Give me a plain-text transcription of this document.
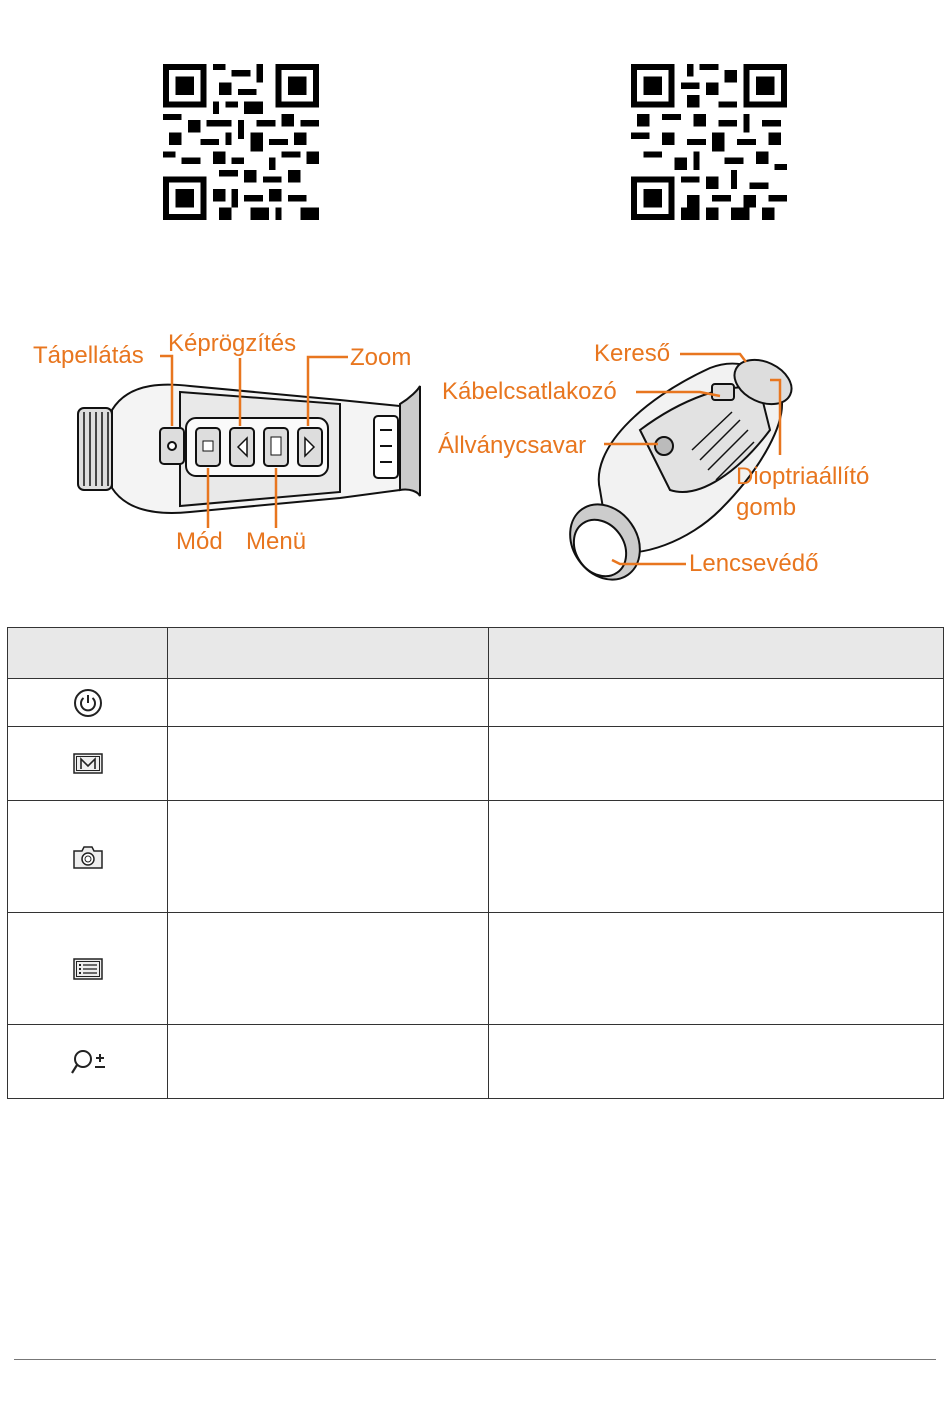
Tápellátás Képrögzítés
Zoom
Mód Menü
Kereső
Kábelcsatlakozó
Állványcsavar
Dioptriaállító
gomb
Lencsevédő
